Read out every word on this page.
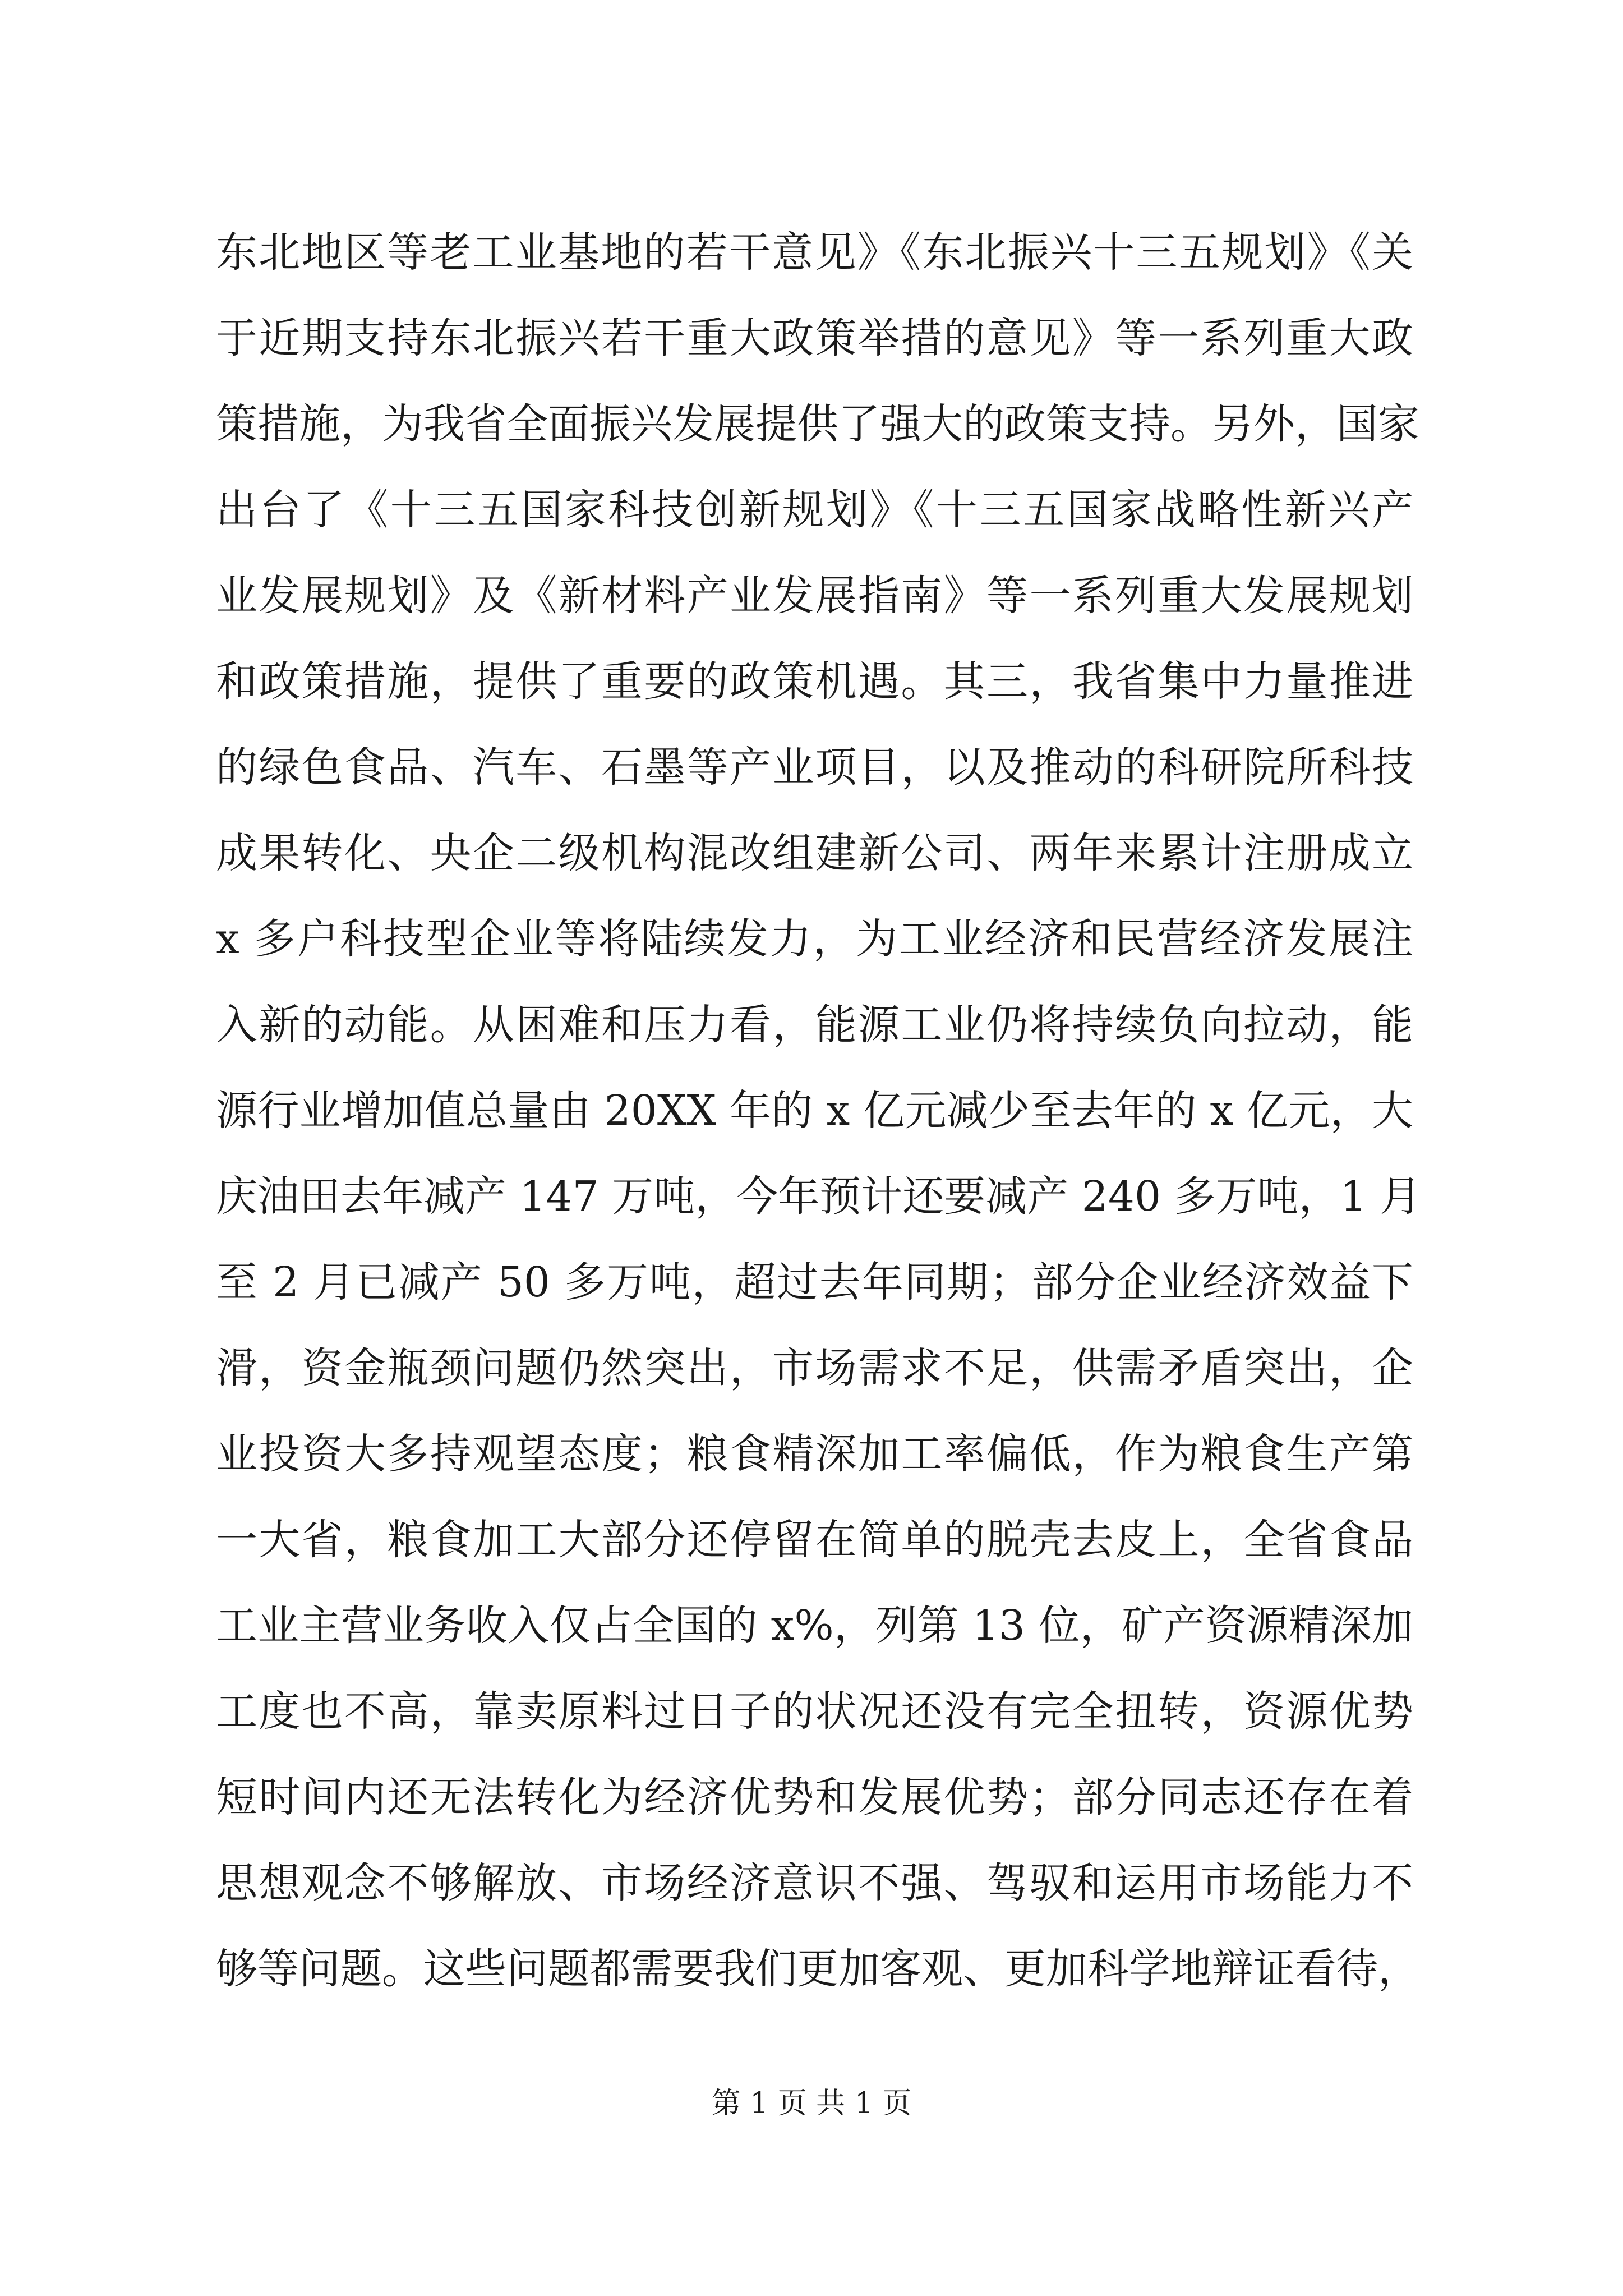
东北地区等老工业基地的若干意见》《东北振兴十三五规划》《关
于近期支持东北振兴若干重大政策举措的意见》等一系列重大政
策措施，为我省全面振兴发展提供了强大的政策支持。另外，国家
出台了《十三五国家科技创新规划》《十三五国家战略性新兴产
业发展规划》及《新材料产业发展指南》等一系列重大发展规划
和政策措施，提供了重要的政策机遇。其三，我省集中力量推进
的绿色食品、汽车、石墨等产业项目，以及推动的科研院所科技
成果转化、央企二级机构混改组建新公司、两年来累计注册成立
x 多户科技型企业等将陆续发力，为工业经济和民营经济发展注
入新的动能。从困难和压力看，能源工业仍将持续负向拉动，能
源行业增加值总量由 20XX 年的 x 亿元减少至去年的 x 亿元，大
庆油田去年减产 147 万吨，今年预计还要减产 240 多万吨，1 月
至 2 月已减产 50 多万吨，超过去年同期；部分企业经济效益下
滑，资金瓶颈问题仍然突出，市场需求不足，供需矛盾突出，企
业投资大多持观望态度；粮食精深加工率偏低，作为粮食生产第
一大省，粮食加工大部分还停留在简单的脱壳去皮上，全省食品
工业主营业务收入仅占全国的 x%，列第 13 位，矿产资源精深加
工度也不高，靠卖原料过日子的状况还没有完全扭转，资源优势
短时间内还无法转化为经济优势和发展优势；部分同志还存在着
思想观念不够解放、市场经济意识不强、驾驭和运用市场能力不
够等问题。这些问题都需要我们更加客观、更加科学地辩证看待，
第 1 页 共 1 页
